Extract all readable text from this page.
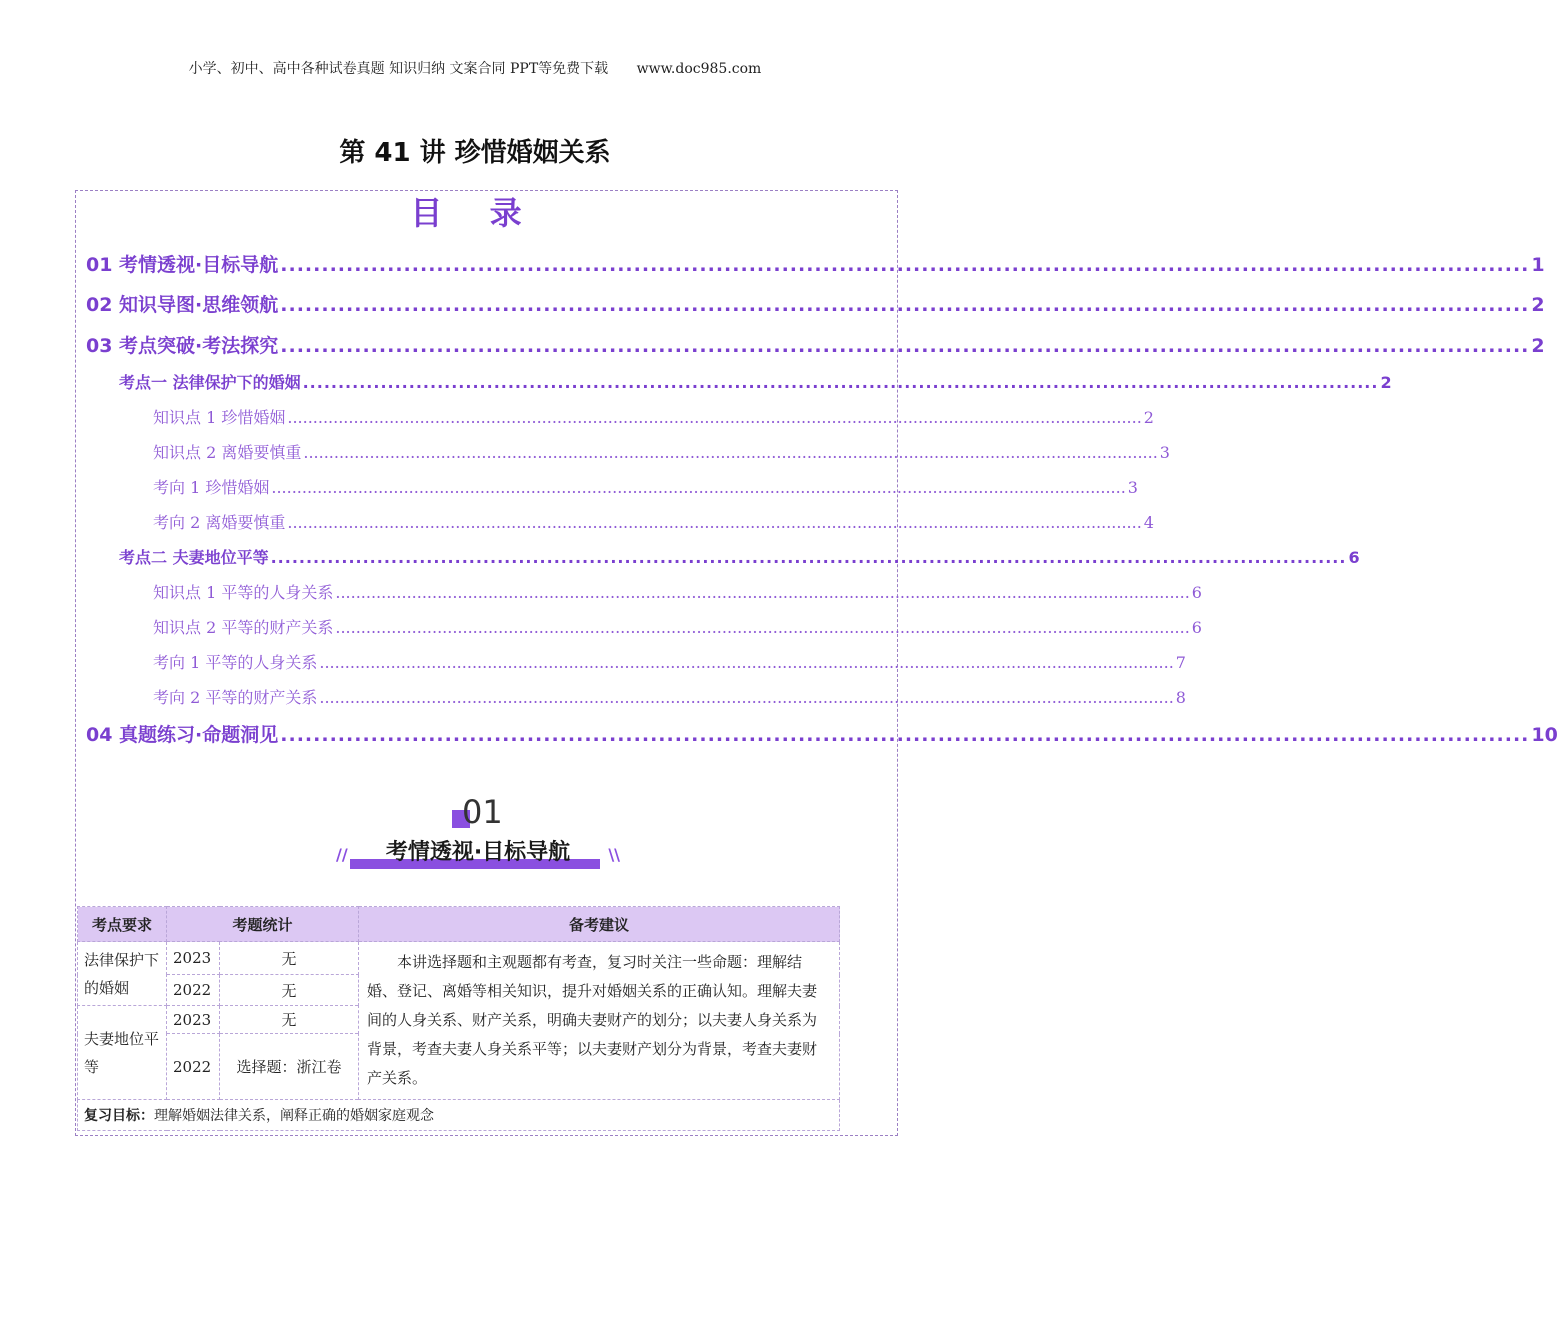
小学、初中、高中各种试卷真题 知识归纳 文案合同 PPT等免费下载 www.doc985.com
第 41 讲 珍惜婚姻关系
目 录
01 考情透视·目标导航 ........................................................................................................................................................ 1
02 知识导图·思维领航 ........................................................................................................................................................ 2
03 考点突破·考法探究 ........................................................................................................................................................ 2
考点一 法律保护下的婚姻 ........................................................................................................................................................ 2
知识点 1 珍惜婚姻 ........................................................................................................................................................................ 2
知识点 2 离婚要慎重 ........................................................................................................................................................................ 3
考向 1 珍惜婚姻 ........................................................................................................................................................................ 3
考向 2 离婚要慎重 ........................................................................................................................................................................ 4
考点二 夫妻地位平等 ........................................................................................................................................................ 6
知识点 1 平等的人身关系 ........................................................................................................................................................................ 6
知识点 2 平等的财产关系 ........................................................................................................................................................................ 6
考向 1 平等的人身关系 ........................................................................................................................................................................ 7
考向 2 平等的财产关系 ........................................................................................................................................................................ 8
04 真题练习·命题洞见 ........................................................................................................................................................ 10
01
//	考情透视·目标导航	\\
考点要求	考题统计		备考建议
法律保护下的婚姻	2023	无	本讲选择题和主观题都有考查，复习时关注一些命题：理解结婚、登记、离婚等相关知识，提升对婚姻关系的正确认知。理解夫妻间的人身关系、财产关系，明确夫妻财产的划分；以夫妻人身关系为背景，考查夫妻人身关系平等；以夫妻财产划分为背景，考查夫妻财产关系。
	2022	无	
夫妻地位平等	2023	无	
	2022	选择题：浙江卷	
复习目标：理解婚姻法律关系，阐释正确的婚姻家庭观念			
